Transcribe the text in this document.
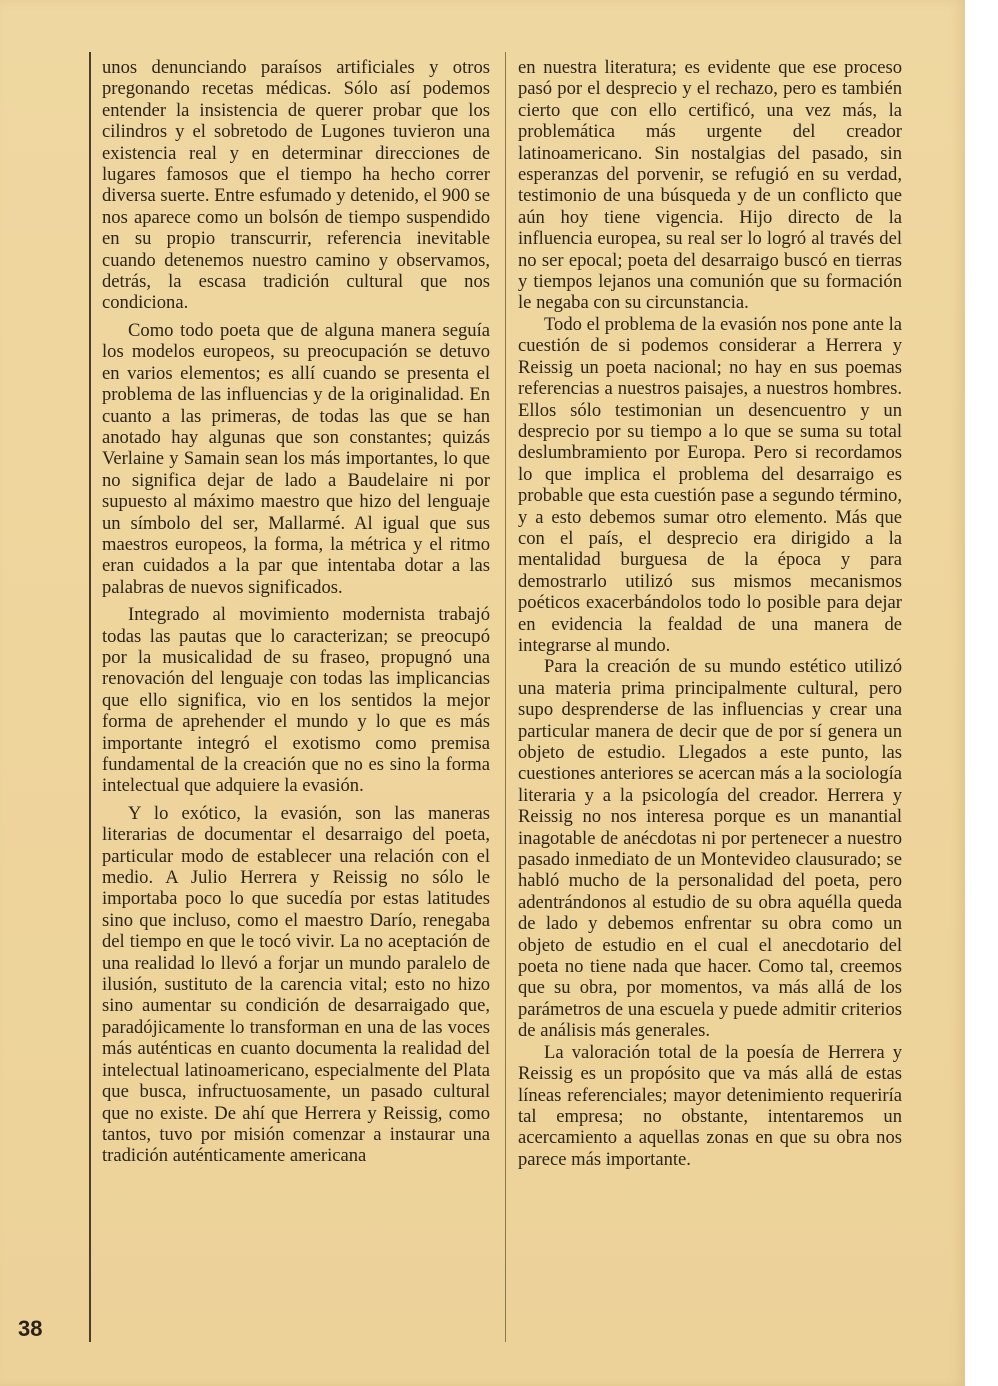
unos denunciando paraísos artificiales y otros pregonando recetas médicas. Sólo así podemos entender la insistencia de querer probar que los cilindros y el sobretodo de Lugones tuvieron una existencia real y en determinar direcciones de lugares famosos que el tiempo ha hecho correr diversa suerte. Entre esfumado y detenido, el 900 se nos aparece como un bolsón de tiempo suspendido en su propio transcurrir, referencia inevitable cuando detenemos nuestro camino y observamos, detrás, la escasa tradición cultural que nos condiciona.

Como todo poeta que de alguna manera seguía los modelos europeos, su preocupación se detuvo en varios elementos; es allí cuando se presenta el problema de las influencias y de la originalidad. En cuanto a las primeras, de todas las que se han anotado hay algunas que son constantes; quizás Verlaine y Samain sean los más importantes, lo que no significa dejar de lado a Baudelaire ni por supuesto al máximo maestro que hizo del lenguaje un símbolo del ser, Mallarmé. Al igual que sus maestros europeos, la forma, la métrica y el ritmo eran cuidados a la par que intentaba dotar a las palabras de nuevos significados.

Integrado al movimiento modernista trabajó todas las pautas que lo caracterizan; se preocupó por la musicalidad de su fraseo, propugnó una renovación del lenguaje con todas las implicancias que ello significa, vio en los sentidos la mejor forma de aprehender el mundo y lo que es más importante integró el exotismo como premisa fundamental de la creación que no es sino la forma intelectual que adquiere la evasión.

Y lo exótico, la evasión, son las maneras literarias de documentar el desarraigo del poeta, particular modo de establecer una relación con el medio. A Julio Herrera y Reissig no sólo le importaba poco lo que sucedía por estas latitudes sino que incluso, como el maestro Darío, renegaba del tiempo en que le tocó vivir. La no aceptación de una realidad lo llevó a forjar un mundo paralelo de ilusión, sustituto de la carencia vital; esto no hizo sino aumentar su condición de desarraigado que, paradójicamente lo transforman en una de las voces más auténticas en cuanto documenta la realidad del intelectual latinoamericano, especialmente del Plata que busca, infructuosamente, un pasado cultural que no existe. De ahí que Herrera y Reissig, como tantos, tuvo por misión comenzar a instaurar una tradición auténticamente americana

en nuestra literatura; es evidente que ese proceso pasó por el desprecio y el rechazo, pero es también cierto que con ello certificó, una vez más, la problemática más urgente del creador latinoamericano. Sin nostalgias del pasado, sin esperanzas del porvenir, se refugió en su verdad, testimonio de una búsqueda y de un conflicto que aún hoy tiene vigencia. Hijo directo de la influencia europea, su real ser lo logró al través del no ser epocal; poeta del desarraigo buscó en tierras y tiempos lejanos una comunión que su formación le negaba con su circunstancia.

Todo el problema de la evasión nos pone ante la cuestión de si podemos considerar a Herrera y Reissig un poeta nacional; no hay en sus poemas referencias a nuestros paisajes, a nuestros hombres. Ellos sólo testimonian un desencuentro y un desprecio por su tiempo a lo que se suma su total deslumbramiento por Europa. Pero si recordamos lo que implica el problema del desarraigo es probable que esta cuestión pase a segundo término, y a esto debemos sumar otro elemento. Más que con el país, el desprecio era dirigido a la mentalidad burguesa de la época y para demostrarlo utilizó sus mismos mecanismos poéticos exacerbándolos todo lo posible para dejar en evidencia la fealdad de una manera de integrarse al mundo.

Para la creación de su mundo estético utilizó una materia prima principalmente cultural, pero supo desprenderse de las influencias y crear una particular manera de decir que de por sí genera un objeto de estudio. Llegados a este punto, las cuestiones anteriores se acercan más a la sociología literaria y a la psicología del creador. Herrera y Reissig no nos interesa porque es un manantial inagotable de anécdotas ni por pertenecer a nuestro pasado inmediato de un Montevideo clausurado; se habló mucho de la personalidad del poeta, pero adentrándonos al estudio de su obra aquélla queda de lado y debemos enfrentar su obra como un objeto de estudio en el cual el anecdotario del poeta no tiene nada que hacer. Como tal, creemos que su obra, por momentos, va más allá de los parámetros de una escuela y puede admitir criterios de análisis más generales.

La valoración total de la poesía de Herrera y Reissig es un propósito que va más allá de estas líneas referenciales; mayor detenimiento requeriría tal empresa; no obstante, intentaremos un acercamiento a aquellas zonas en que su obra nos parece más importante.

38
